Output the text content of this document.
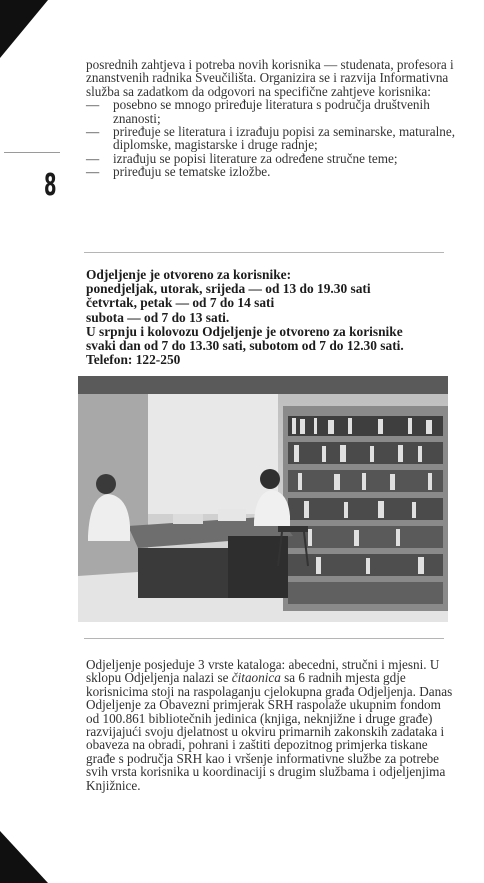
8

posrednih zahtjeva i potreba novih korisnika — studenata, profesora i znanstvenih radnika Sveučilišta. Organizira se i razvija Informativna služba sa zadatkom da odgovori na specifične zahtjeve korisnika:

— posebno se mnogo priređuje literatura s područja društvenih znanosti;
— priređuje se literatura i izrađuju popisi za seminarske, maturalne, diplomske, magistarske i druge radnje;
— izrađuju se popisi literature za određene stručne teme;
— priređuju se tematske izložbe.
Odjeljenje je otvoreno za korisnike:
ponedjeljak, utorak, srijeda — od 13 do 19.30 sati
četvrtak, petak — od 7 do 14 sati
subota — od 7 do 13 sati.
U srpnju i kolovozu Odjeljenje je otvoreno za korisnike
svaki dan od 7 do 13.30 sati, subotom od 7 do 12.30 sati.
Telefon: 122-250

Odjeljenje posjeduje 3 vrste kataloga: abecedni, stručni i mjesni. U sklopu Odjeljenja nalazi se čitaonica sa 6 radnih mjesta gdje korisnicima stoji na raspolaganju cjelokupna građa Odjeljenja. Danas Odjeljenje za Obavezni primjerak SRH raspolaže ukupnim fondom od 100.861 bibliotečnih jedinica (knjiga, neknjižne i druge građe) razvijajući svoju djelatnost u okviru primarnih zakonskih zadataka i obaveza na obradi, pohrani i zaštiti depozitnog primjerka tiskane građe s područja SRH kao i vršenje informativne službe za potrebe svih vrsta korisnika u koordinaciji s drugim službama i odjeljenjima Knjižnice.
